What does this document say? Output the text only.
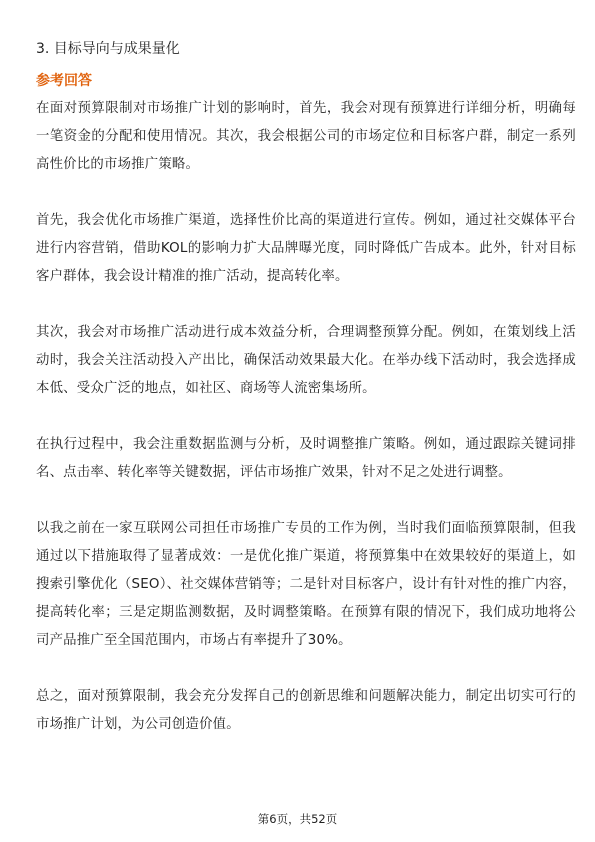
3. 目标导向与成果量化
参考回答

在面对预算限制对市场推广计划的影响时，首先，我会对现有预算进行详细分析，明确每一笔资金的分配和使用情况。其次，我会根据公司的市场定位和目标客户群，制定一系列高性价比的市场推广策略。

首先，我会优化市场推广渠道，选择性价比高的渠道进行宣传。例如，通过社交媒体平台进行内容营销，借助KOL的影响力扩大品牌曝光度，同时降低广告成本。此外，针对目标客户群体，我会设计精准的推广活动，提高转化率。

其次，我会对市场推广活动进行成本效益分析，合理调整预算分配。例如，在策划线上活动时，我会关注活动投入产出比，确保活动效果最大化。在举办线下活动时，我会选择成本低、受众广泛的地点，如社区、商场等人流密集场所。

在执行过程中，我会注重数据监测与分析，及时调整推广策略。例如，通过跟踪关键词排名、点击率、转化率等关键数据，评估市场推广效果，针对不足之处进行调整。

以我之前在一家互联网公司担任市场推广专员的工作为例，当时我们面临预算限制，但我通过以下措施取得了显著成效：一是优化推广渠道，将预算集中在效果较好的渠道上，如搜索引擎优化（SEO）、社交媒体营销等；二是针对目标客户，设计有针对性的推广内容，提高转化率；三是定期监测数据，及时调整策略。在预算有限的情况下，我们成功地将公司产品推广至全国范围内，市场占有率提升了30%。

总之，面对预算限制，我会充分发挥自己的创新思维和问题解决能力，制定出切实可行的市场推广计划，为公司创造价值。

第6页，共52页
